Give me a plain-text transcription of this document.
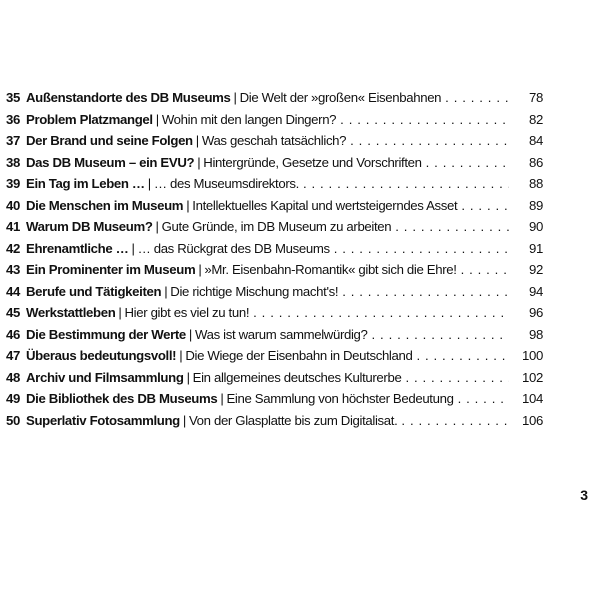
35 Außenstandorte des DB Museums | Die Welt der »großen« Eisenbahnen . . .	78
36 Problem Platzmangel | Wohin mit den langen Dingern? . . .	82
37 Der Brand und seine Folgen | Was geschah tatsächlich? . . .	84
38 Das DB Museum – ein EVU? | Hintergründe, Gesetze und Vorschriften . . .	86
39 Ein Tag im Leben … | … des Museumsdirektors. . . .	88
40 Die Menschen im Museum | Intellektuelles Kapital und wertsteigerndes Asset . . .	89
41 Warum DB Museum? | Gute Gründe, im DB Museum zu arbeiten . . .	90
42 Ehrenamtliche … | … das Rückgrat des DB Museums . . .	91
43 Ein Prominenter im Museum | »Mr. Eisenbahn-Romantik« gibt sich die Ehre! . . .	92
44 Berufe und Tätigkeiten | Die richtige Mischung macht's! . . .	94
45 Werkstattleben | Hier gibt es viel zu tun! . . .	96
46 Die Bestimmung der Werte | Was ist warum sammelwürdig? . . .	98
47 Überaus bedeutungsvoll! | Die Wiege der Eisenbahn in Deutschland . . .	100
48 Archiv und Filmsammlung | Ein allgemeines deutsches Kulturerbe . . .	102
49 Die Bibliothek des DB Museums | Eine Sammlung von höchster Bedeutung . . .	104
50 Superlativ Fotosammlung | Von der Glasplatte bis zum Digitalisat. . . .	106
3
